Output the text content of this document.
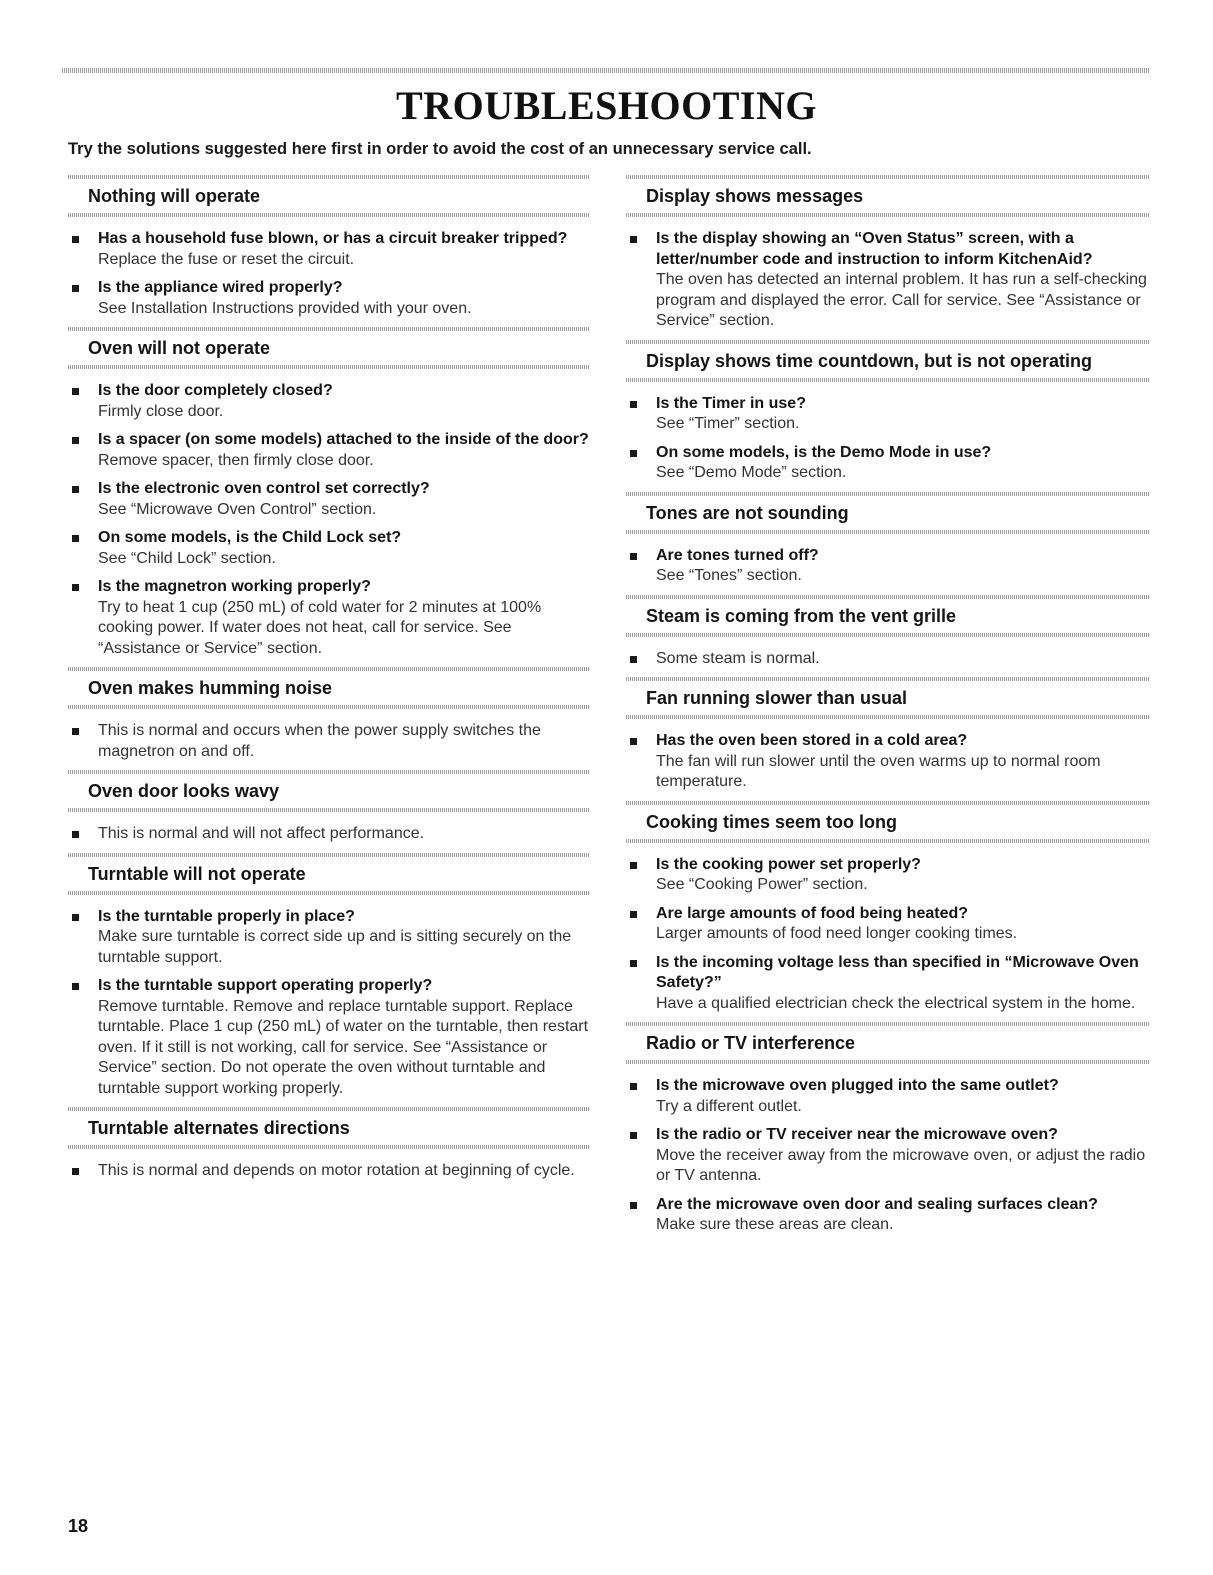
TROUBLESHOOTING
Try the solutions suggested here first in order to avoid the cost of an unnecessary service call.
Nothing will operate
Has a household fuse blown, or has a circuit breaker tripped?
Replace the fuse or reset the circuit.
Is the appliance wired properly?
See Installation Instructions provided with your oven.
Oven will not operate
Is the door completely closed?
Firmly close door.
Is a spacer (on some models) attached to the inside of the door?
Remove spacer, then firmly close door.
Is the electronic oven control set correctly?
See “Microwave Oven Control” section.
On some models, is the Child Lock set?
See “Child Lock” section.
Is the magnetron working properly?
Try to heat 1 cup (250 mL) of cold water for 2 minutes at 100% cooking power. If water does not heat, call for service. See “Assistance or Service” section.
Oven makes humming noise
This is normal and occurs when the power supply switches the magnetron on and off.
Oven door looks wavy
This is normal and will not affect performance.
Turntable will not operate
Is the turntable properly in place?
Make sure turntable is correct side up and is sitting securely on the turntable support.
Is the turntable support operating properly?
Remove turntable. Remove and replace turntable support. Replace turntable. Place 1 cup (250 mL) of water on the turntable, then restart oven. If it still is not working, call for service. See “Assistance or Service” section. Do not operate the oven without turntable and turntable support working properly.
Turntable alternates directions
This is normal and depends on motor rotation at beginning of cycle.
Display shows messages
Is the display showing an “Oven Status” screen, with a letter/number code and instruction to inform KitchenAid?
The oven has detected an internal problem. It has run a self-checking program and displayed the error. Call for service. See “Assistance or Service” section.
Display shows time countdown, but is not operating
Is the Timer in use?
See “Timer” section.
On some models, is the Demo Mode in use?
See “Demo Mode” section.
Tones are not sounding
Are tones turned off?
See “Tones” section.
Steam is coming from the vent grille
Some steam is normal.
Fan running slower than usual
Has the oven been stored in a cold area?
The fan will run slower until the oven warms up to normal room temperature.
Cooking times seem too long
Is the cooking power set properly?
See “Cooking Power” section.
Are large amounts of food being heated?
Larger amounts of food need longer cooking times.
Is the incoming voltage less than specified in “Microwave Oven Safety?”
Have a qualified electrician check the electrical system in the home.
Radio or TV interference
Is the microwave oven plugged into the same outlet?
Try a different outlet.
Is the radio or TV receiver near the microwave oven?
Move the receiver away from the microwave oven, or adjust the radio or TV antenna.
Are the microwave oven door and sealing surfaces clean?
Make sure these areas are clean.
18
